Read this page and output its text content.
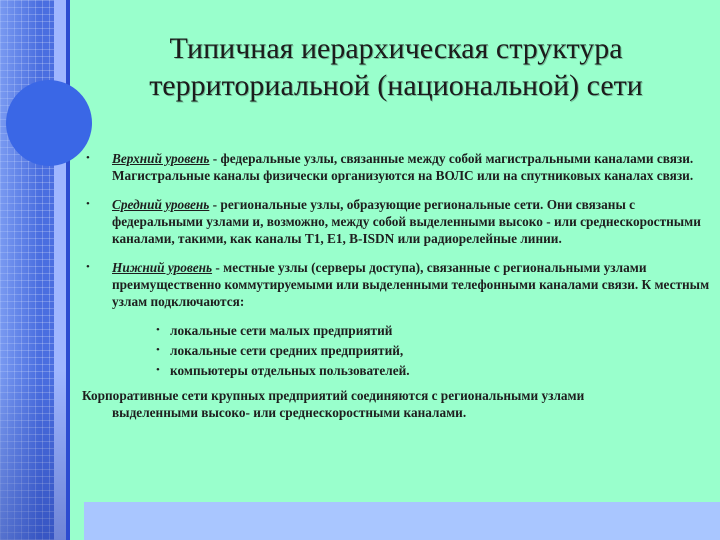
Типичная иерархическая структура
территориальной (национальной) сети
• Верхний уровень - федеральные узлы, связанные между собой магистральными каналами связи. Магистральные каналы физически организуются на ВОЛС или на спутниковых каналах связи.
• Средний уровень - региональные узлы, образующие региональные сети. Они связаны с федеральными узлами и, возможно, между собой выделенными высоко - или среднескоростными каналами, такими, как каналы Т1, Е1, B-ISDN или радиорелейные линии.
• Нижний уровень - местные узлы (серверы доступа), связанные с региональными узлами преимущественно коммутируемыми или выделенными телефонными каналами связи. К местным узлам подключаются:
• локальные сети малых предприятий
• локальные сети средних предприятий,
• компьютеры отдельных пользователей.
Корпоративные сети крупных предприятий соединяются с региональными узлами
выделенными высоко- или среднескоростными каналами.
